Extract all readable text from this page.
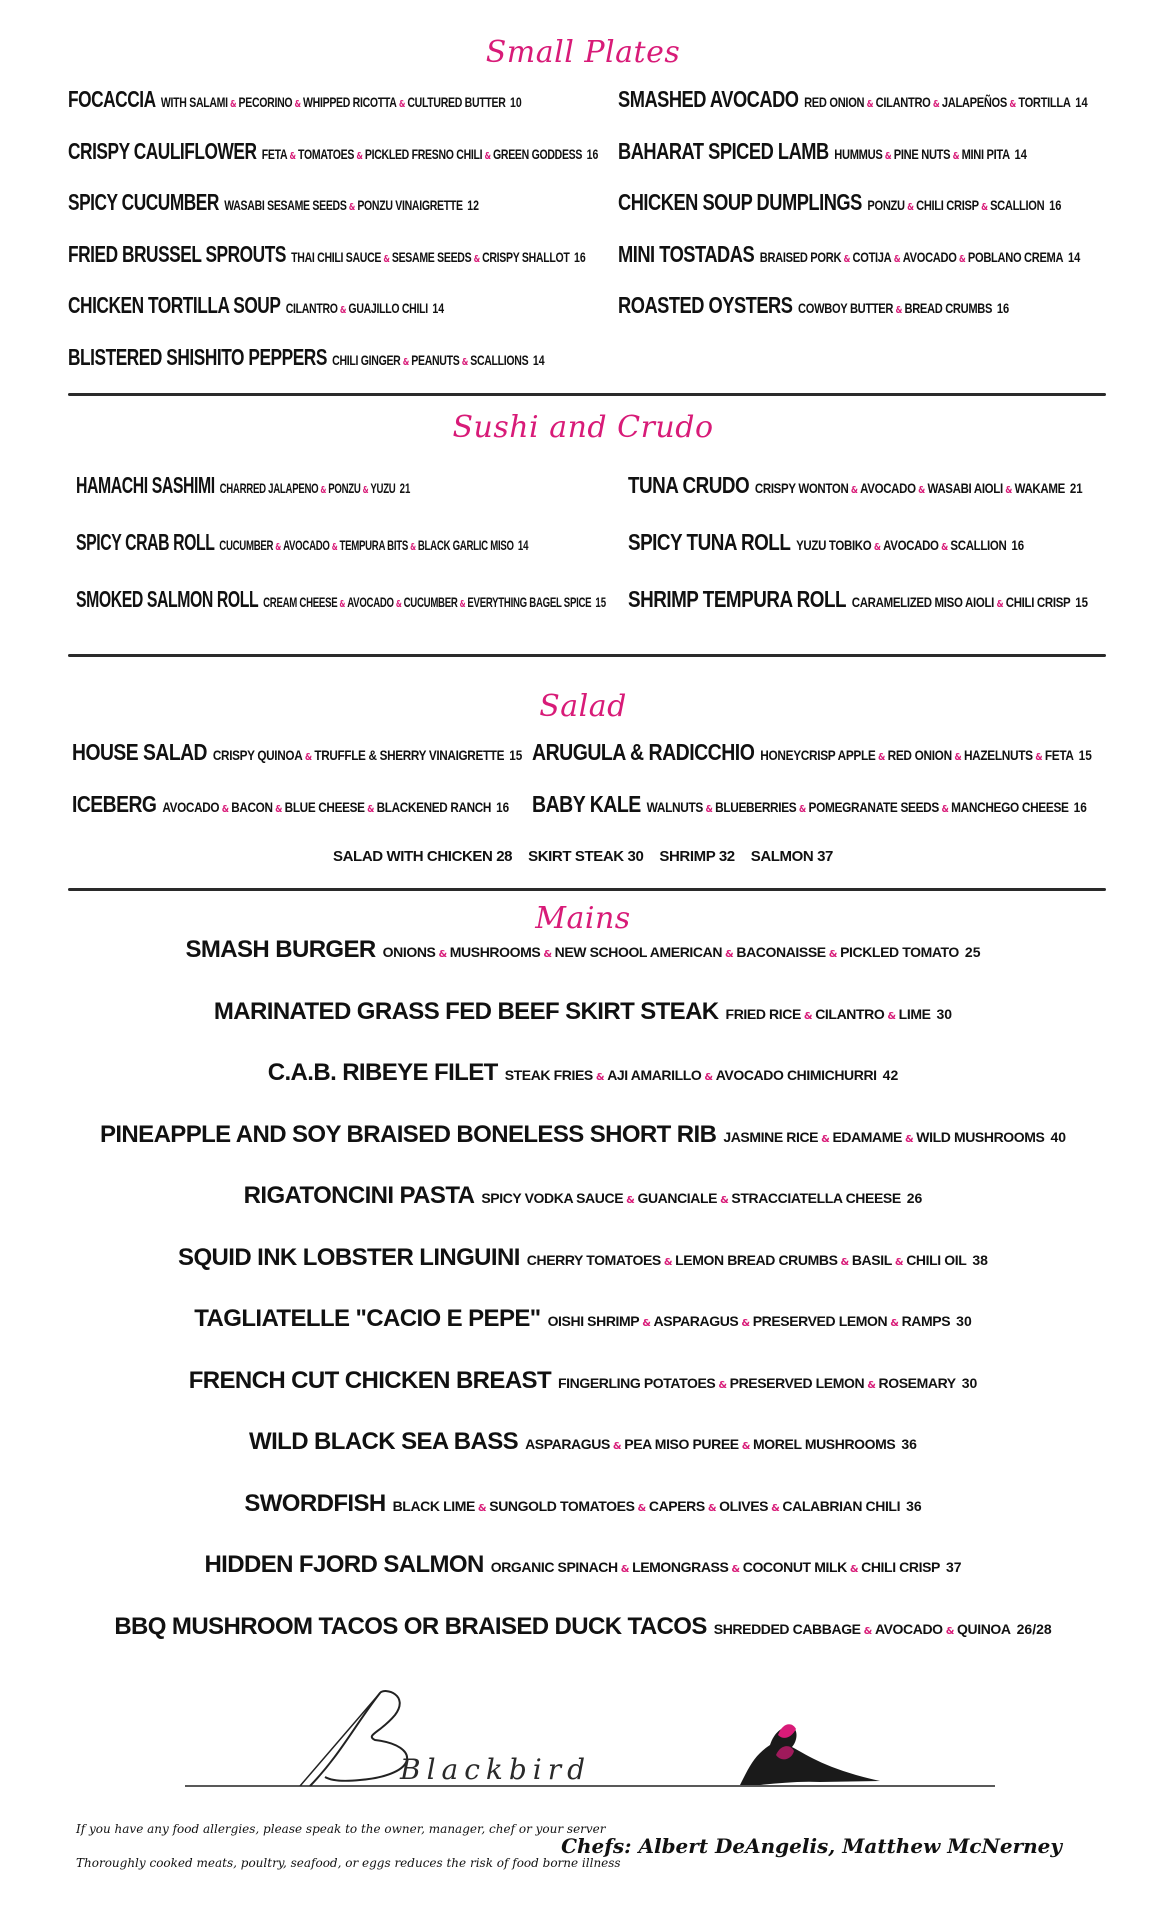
Small Plates
FOCACCIA WITH SALAMI & PECORINO & WHIPPED RICOTTA & CULTURED BUTTER 10
CRISPY CAULIFLOWER FETA & TOMATOES & PICKLED FRESNO CHILI & GREEN GODDESS 16
SPICY CUCUMBER WASABI SESAME SEEDS & PONZU VINAIGRETTE 12
FRIED BRUSSEL SPROUTS THAI CHILI SAUCE & SESAME SEEDS & CRISPY SHALLOT 16
CHICKEN TORTILLA SOUP CILANTRO & GUAJILLO CHILI 14
BLISTERED SHISHITO PEPPERS CHILI GINGER & PEANUTS & SCALLIONS 14
SMASHED AVOCADO RED ONION & CILANTRO & JALAPEÑOS & TORTILLA 14
BAHARAT SPICED LAMB HUMMUS & PINE NUTS & MINI PITA 14
CHICKEN SOUP DUMPLINGS PONZU & CHILI CRISP & SCALLION 16
MINI TOSTADAS BRAISED PORK & COTIJA & AVOCADO & POBLANO CREMA 14
ROASTED OYSTERS COWBOY BUTTER & BREAD CRUMBS 16
Sushi and Crudo
HAMACHI SASHIMI CHARRED JALAPENO & PONZU & YUZU 21
SPICY CRAB ROLL CUCUMBER & AVOCADO & TEMPURA BITS & BLACK GARLIC MISO 14
SMOKED SALMON ROLL CREAM CHEESE & AVOCADO & CUCUMBER & EVERYTHING BAGEL SPICE 15
TUNA CRUDO CRISPY WONTON & AVOCADO & WASABI AIOLI & WAKAME 21
SPICY TUNA ROLL YUZU TOBIKO & AVOCADO & SCALLION 16
SHRIMP TEMPURA ROLL CARAMELIZED MISO AIOLI & CHILI CRISP 15
Salad
HOUSE SALAD CRISPY QUINOA & TRUFFLE & SHERRY VINAIGRETTE 15
ICEBERG AVOCADO & BACON & BLUE CHEESE & BLACKENED RANCH 16
ARUGULA & RADICCHIO HONEYCRISP APPLE & RED ONION & HAZELNUTS & FETA 15
BABY KALE WALNUTS & BLUEBERRIES & POMEGRANATE SEEDS & MANCHEGO CHEESE 16
SALAD WITH CHICKEN 28 SKIRT STEAK 30 SHRIMP 32 SALMON 37
Mains
SMASH BURGER ONIONS & MUSHROOMS & NEW SCHOOL AMERICAN & BACONAISSE & PICKLED TOMATO 25
MARINATED GRASS FED BEEF SKIRT STEAK FRIED RICE & CILANTRO & LIME 30
C.A.B. RIBEYE FILET STEAK FRIES & AJI AMARILLO & AVOCADO CHIMICHURRI 42
PINEAPPLE AND SOY BRAISED BONELESS SHORT RIB JASMINE RICE & EDAMAME & WILD MUSHROOMS 40
RIGATONCINI PASTA SPICY VODKA SAUCE & GUANCIALE & STRACCIATELLA CHEESE 26
SQUID INK LOBSTER LINGUINI CHERRY TOMATOES & LEMON BREAD CRUMBS & BASIL & CHILI OIL 38
TAGLIATELLE "CACIO E PEPE" OISHI SHRIMP & ASPARAGUS & PRESERVED LEMON & RAMPS 30
FRENCH CUT CHICKEN BREAST FINGERLING POTATOES & PRESERVED LEMON & ROSEMARY 30
WILD BLACK SEA BASS ASPARAGUS & PEA MISO PUREE & MOREL MUSHROOMS 36
SWORDFISH BLACK LIME & SUNGOLD TOMATOES & CAPERS & OLIVES & CALABRIAN CHILI 36
HIDDEN FJORD SALMON ORGANIC SPINACH & LEMONGRASS & COCONUT MILK & CHILI CRISP 37
BBQ MUSHROOM TACOS OR BRAISED DUCK TACOS SHREDDED CABBAGE & AVOCADO & QUINOA 26/28
Blackbird
If you have any food allergies, please speak to the owner, manager, chef or your server
Thoroughly cooked meats, poultry, seafood, or eggs reduces the risk of food borne illness
Chefs: Albert DeAngelis, Matthew McNerney
